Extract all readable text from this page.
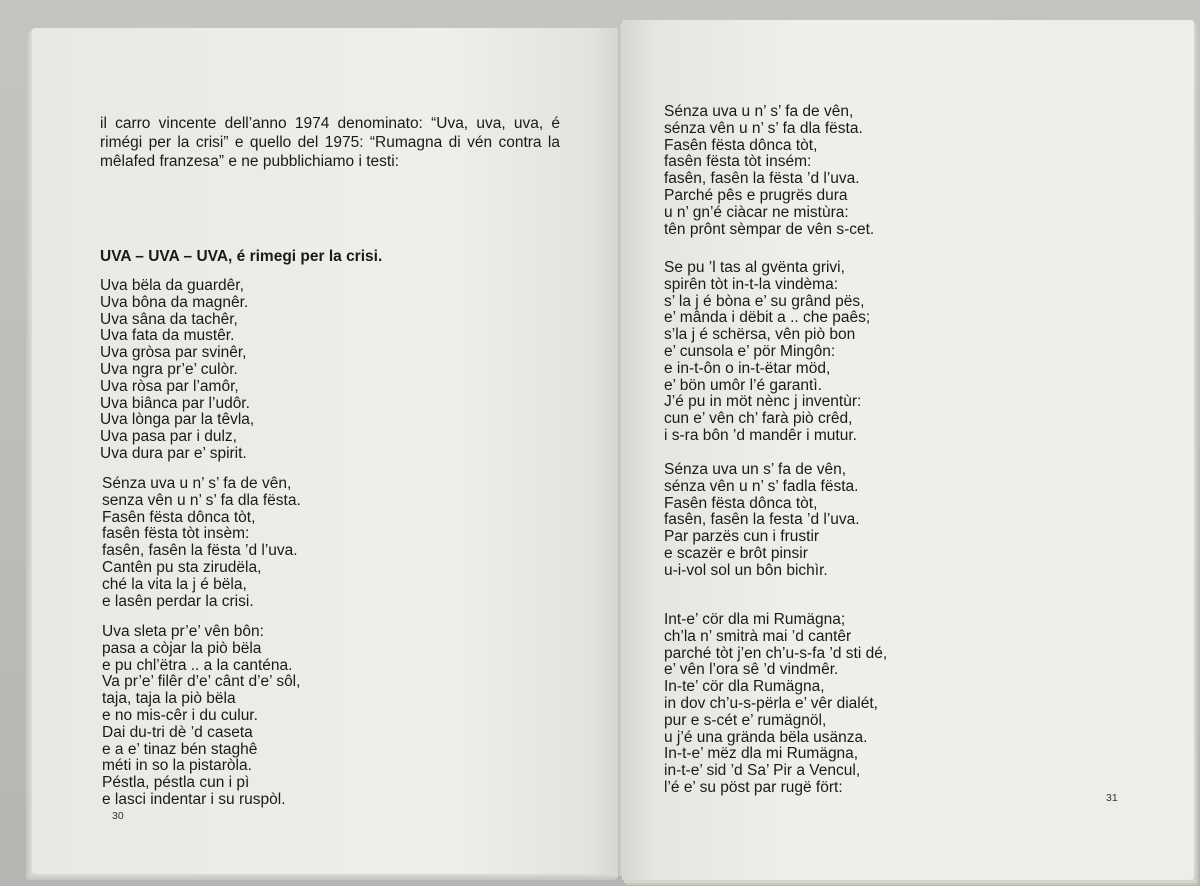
il carro vincente dell’anno 1974 denominato: “Uva, uva, uva, é rimégi per la crisi” e quello del 1975: “Rumagna di vén contra la mêlafed franzesa” e ne pubblichiamo i testi:

UVA – UVA – UVA, é rimegi per la crisi.

Uva bëla da guardêr,
Uva bôna da magnêr.
Uva sâna da tachêr,
Uva fata da mustêr.
Uva gròsa par svinêr,
Uva ngra pr’e’ culòr.
Uva ròsa par l’amôr,
Uva biânca par l’udôr.
Uva lònga par la têvla,
Uva pasa par i dulz,
Uva dura par e’ spirit.
Sénza uva u n’ s’ fa de vên,
senza vên u n’ s’ fa dla fësta.
Fasên fësta dônca tòt,
fasên fësta tòt insèm:
fasên, fasên la fësta ’d l’uva.
Cantên pu sta zirudëla,
ché la vita la j é bëla,
e lasên perdar la crisi.
Uva sleta pr’e’ vên bôn:
pasa a còjar la piò bëla
e pu chl’ëtra .. a la canténa.
Va pr’e’ filêr d’e’ cânt d’e’ sôl,
taja, taja la piò bëla
e no mis-cêr i du culur.
Dai du-tri dè ’d caseta
e a e’ tinaz bén staghê
méti in so la pistaròla.
Péstla, péstla cun i pì
e lasci indentar i su ruspòl.
30
Sénza uva u n’ s’ fa de vên,
sénza vên u n’ s’ fa dla fësta.
Fasên fësta dônca tòt,
fasên fësta tòt insém:
fasên, fasên la fësta ’d l’uva.
Parché pês e prugrës dura
u n’ gn’é ciàcar ne mistùra:
tên prônt sèmpar de vên s-cet.
Se pu ’l tas al gvënta grivi,
spirên tòt in-t-la vindèma:
s’ la j é bòna e’ su grând pës,
e’ mânda i dëbit a .. che paês;
s’la j é schërsa, vên piò bon
e’ cunsola e’ pör Mingôn:
e in-t-ôn o in-t-ëtar möd,
e’ bön umôr l’é garantì.
J’é pu in möt nènc j inventùr:
cun e’ vên ch’ farà piò crêd,
i s-ra bôn ’d mandêr i mutur.
Sénza uva un s’ fa de vên,
sénza vên u n’ s’ fadla fësta.
Fasên fësta dônca tòt,
fasên, fasên la festa ’d l’uva.
Par parzës cun i frustir
e scazër e brôt pinsir
u-i-vol sol un bôn bichìr.
Int-e’ cör dla mi Rumägna;
ch’la n’ smitrà mai ’d cantêr
parché tòt j’en ch’u-s-fa ’d sti dé,
e’ vên l’ora sê ’d vindmêr.
In-te’ cör dla Rumägna,
in dov ch’u-s-përla e’ vêr dialét,
pur e s-cét e’ rumägnöl,
u j’é una grända bëla usänza.
In-t-e’ mëz dla mi Rumägna,
in-t-e’ sid ’d Sa’ Pir a Vencul,
l’é e’ su pöst par rugë fört:
31
